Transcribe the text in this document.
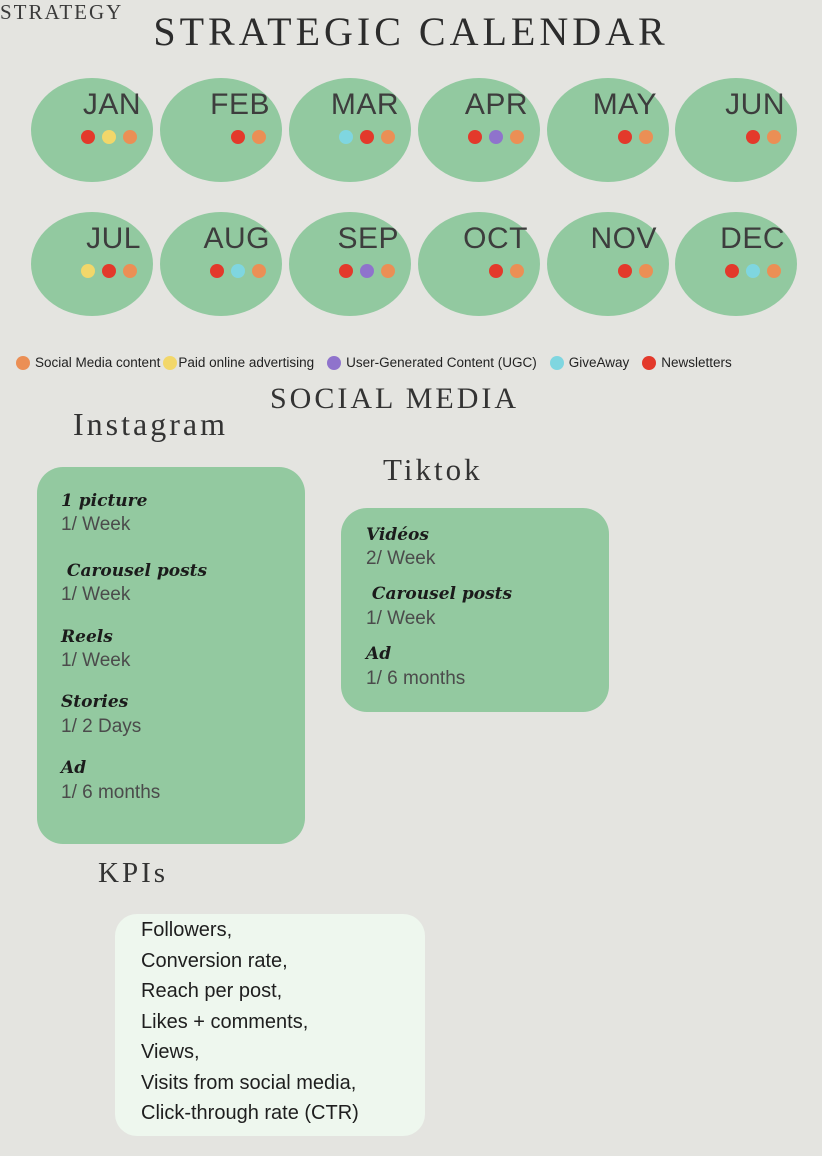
STRATEGY STRATEGIC CALENDAR
JAN FEB MAR APR MAY JUN
JUL AUG SEP OCT NOV DEC
Social Media content Paid online advertising User-Generated Content (UGC) GiveAway Newsletters
SOCIAL MEDIA
Instagram
Tiktok
1 picture
1/ Week
Carousel posts
1/ Week
Reels
1/ Week
Stories
1/ 2 Days
Ad
1/ 6 months
Vidéos
2/ Week
Carousel posts
1/ Week
Ad
1/ 6 months
KPIs
Followers,
Conversion rate,
Reach per post,
Likes + comments,
Views,
Visits from social media,
Click-through rate (CTR)
